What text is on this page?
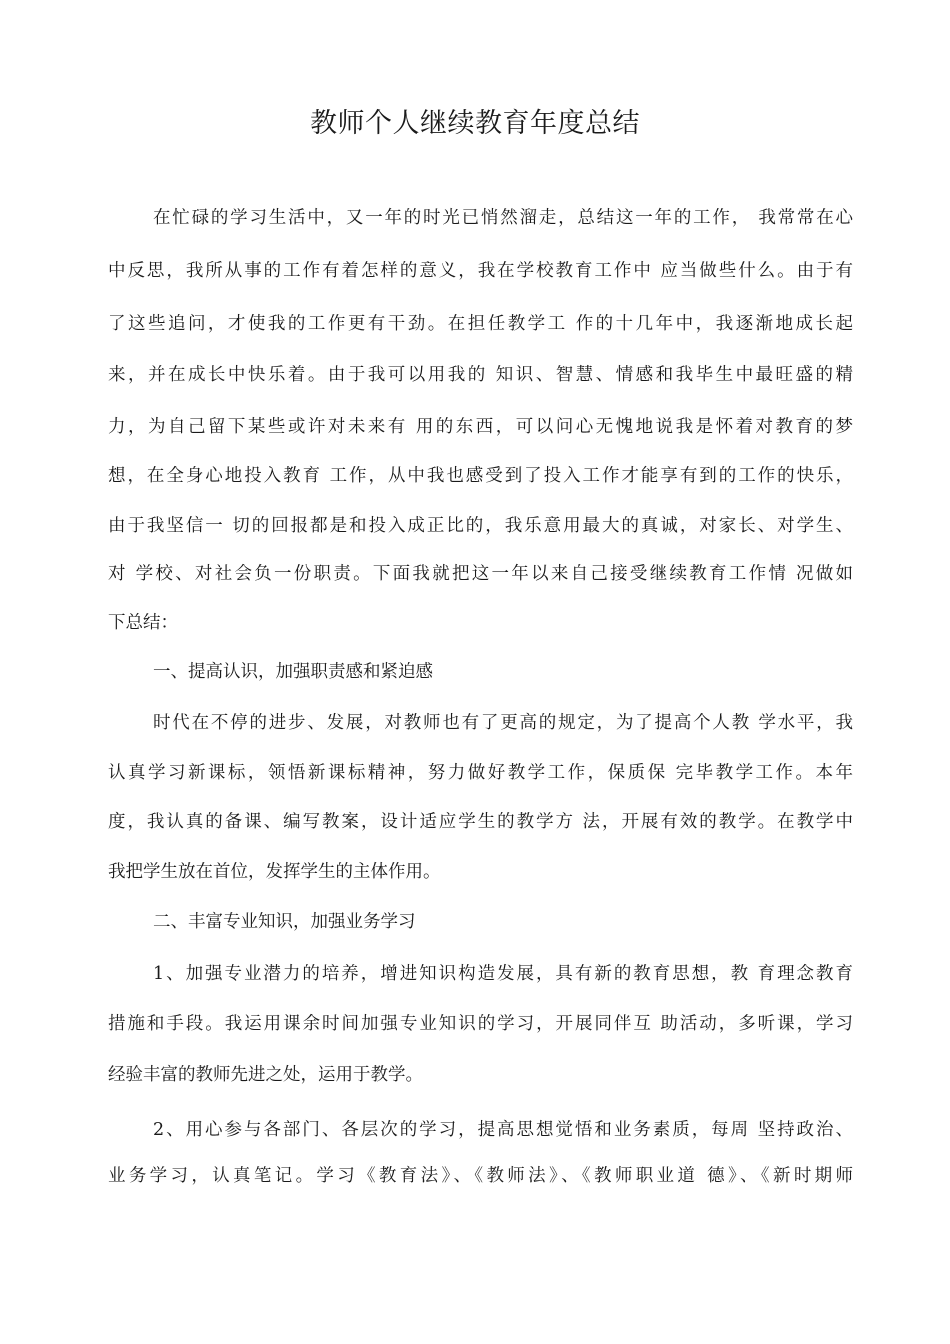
教师个人继续教育年度总结
在忙碌的学习生活中，又一年的时光已悄然溜走，总结这一年的工作， 我常常在心
中反思，我所从事的工作有着怎样的意义，我在学校教育工作中 应当做些什么。由于有
了这些追问，才使我的工作更有干劲。在担任教学工 作的十几年中，我逐渐地成长起
来，并在成长中快乐着。由于我可以用我的 知识、智慧、情感和我毕生中最旺盛的精
力，为自己留下某些或许对未来有 用的东西，可以问心无愧地说我是怀着对教育的梦
想，在全身心地投入教育 工作，从中我也感受到了投入工作才能享有到的工作的快乐，
由于我坚信一 切的回报都是和投入成正比的，我乐意用最大的真诚，对家长、对学生、
对 学校、对社会负一份职责。下面我就把这一年以来自己接受继续教育工作情 况做如
下总结：
一、提高认识，加强职责感和紧迫感
时代在不停的进步、发展，对教师也有了更高的规定，为了提高个人教 学水平，我
认真学习新课标，领悟新课标精神，努力做好教学工作，保质保 完毕教学工作。本年
度，我认真的备课、编写教案，设计适应学生的教学方 法，开展有效的教学。在教学中
我把学生放在首位，发挥学生的主体作用。
二、丰富专业知识，加强业务学习
1、加强专业潜力的培养，增进知识构造发展，具有新的教育思想，教 育理念教育
措施和手段。我运用课余时间加强专业知识的学习，开展同伴互 助活动，多听课，学习
经验丰富的教师先进之处，运用于教学。
2、用心参与各部门、各层次的学习，提高思想觉悟和业务素质，每周 坚持政治、
业务学习，认真笔记。学习《教育法》、《教师法》、《教师职业道 德》、《新时期师
